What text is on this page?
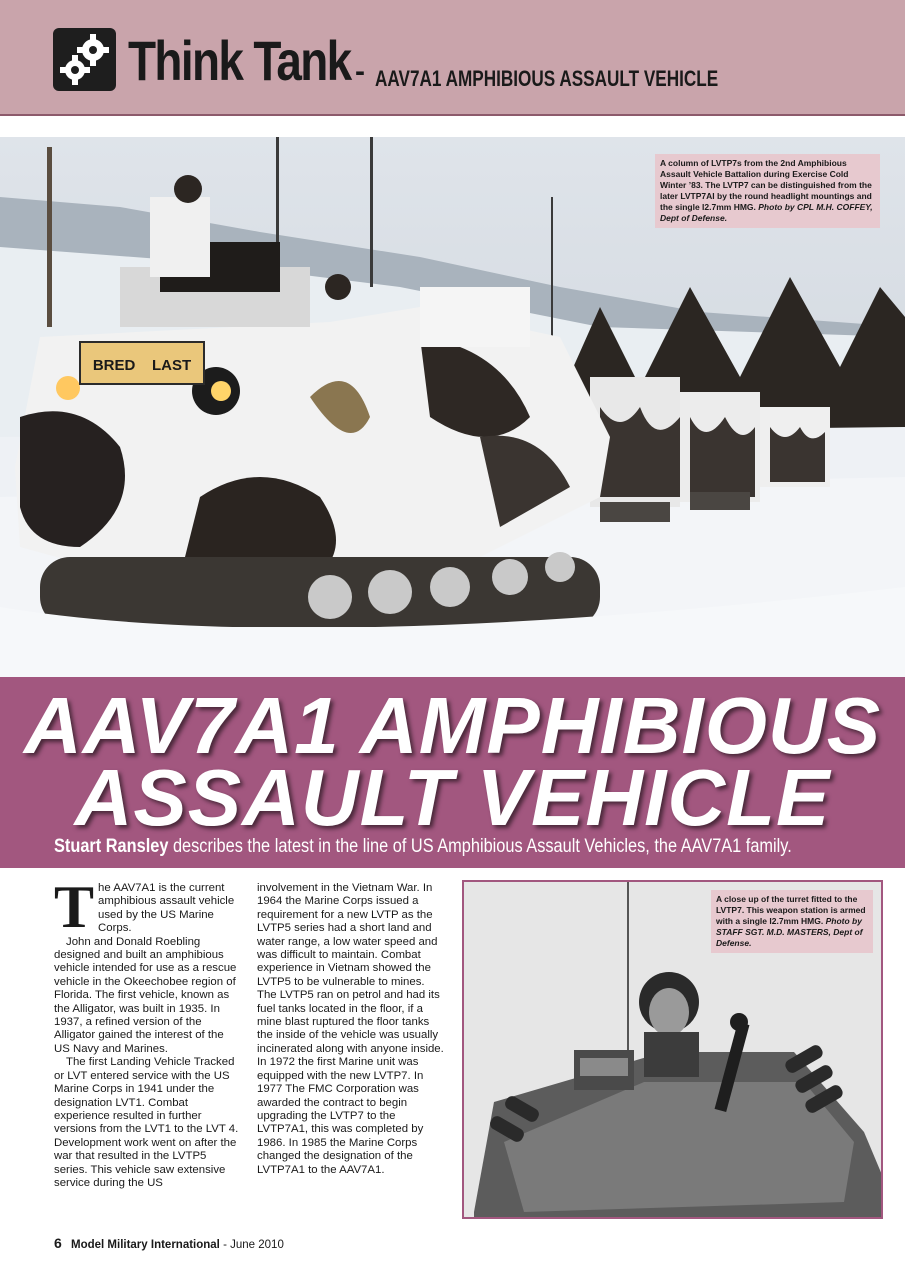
Think Tank - AAV7A1 AMPHIBIOUS ASSAULT VEHICLE
BRED    LAST
A column of LVTP7s from the 2nd Amphibious Assault Vehicle Battalion during Exercise Cold Winter ’83. The LVTP7 can be distinguished from the later LVTP7AI by the round headlight mountings and the single I2.7mm HMG. Photo by CPL M.H. COFFEY, Dept of Defense.
AAV7A1 AMPHIBIOUS
ASSAULT VEHICLE
Stuart Ransley describes the latest in the line of US Amphibious Assault Vehicles, the AAV7A1 family.

The AAV7A1 is the current amphibious assault vehicle used by the US Marine Corps.

John and Donald Roebling designed and built an amphibious vehicle intended for use as a rescue vehicle in the Okeechobee region of Florida. The first vehicle, known as the Alligator, was built in 1935. In 1937, a refined version of the Alligator gained the interest of the US Navy and Marines.

The first Landing Vehicle Tracked or LVT entered service with the US Marine Corps in 1941 under the designation LVT1. Combat experience resulted in further versions from the LVT1 to the LVT 4. Development work went on after the war that resulted in the LVTP5 series. This vehicle saw extensive service during the US

involvement in the Vietnam War. In 1964 the Marine Corps issued a requirement for a new LVTP as the LVTP5 series had a short land and water range, a low water speed and was difficult to maintain. Combat experience in Vietnam showed the LVTP5 to be vulnerable to mines. The LVTP5 ran on petrol and had its fuel tanks located in the floor, if a mine blast ruptured the floor tanks the inside of the vehicle was usually incinerated along with anyone inside. In 1972 the first Marine unit was equipped with the new LVTP7. In 1977 The FMC Corporation was awarded the contract to begin upgrading the LVTP7 to the LVTP7A1, this was completed by 1986. In 1985 the Marine Corps changed the designation of the LVTP7A1 to the AAV7A1.

A close up of the turret fitted to the LVTP7. This weapon station is armed with a single I2.7mm HMG. Photo by STAFF SGT. M.D. MASTERS, Dept of Defense.
6 Model Military International - June 2010
